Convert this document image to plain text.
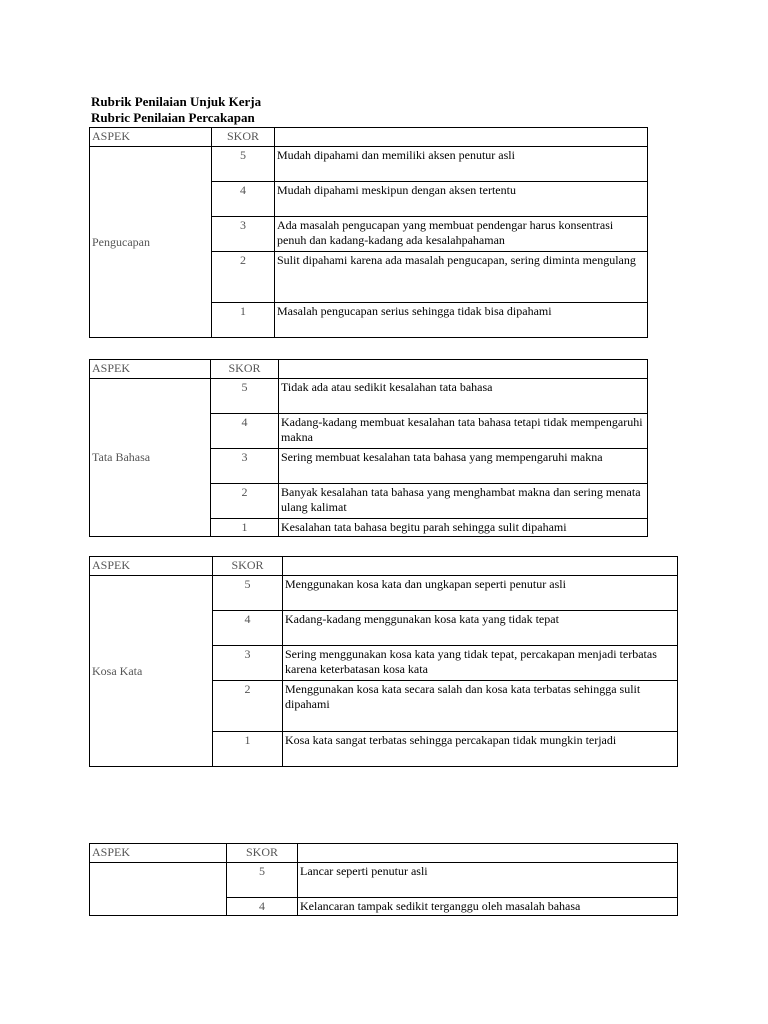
Rubrik Penilaian Unjuk Kerja
Rubric Penilaian Percakapan
ASPEK	SKOR	
Pengucapan	5	Mudah dipahami dan memiliki aksen penutur asli
	4	Mudah dipahami meskipun dengan aksen tertentu
	3	Ada masalah pengucapan yang membuat pendengar harus konsentrasi penuh dan kadang-kadang ada kesalahpahaman
	2	Sulit dipahami karena ada masalah pengucapan, sering diminta mengulang
	1	Masalah pengucapan serius sehingga tidak bisa dipahami
ASPEK	SKOR	
Tata Bahasa	5	Tidak ada atau sedikit kesalahan tata bahasa
	4	Kadang-kadang membuat kesalahan tata bahasa tetapi tidak mempengaruhi makna
	3	Sering membuat kesalahan tata bahasa yang mempengaruhi makna
	2	Banyak kesalahan tata bahasa yang menghambat makna dan sering menata ulang kalimat
	1	Kesalahan tata bahasa begitu parah sehingga sulit dipahami
ASPEK	SKOR	
Kosa Kata	5	Menggunakan kosa kata dan ungkapan seperti penutur asli
	4	Kadang-kadang menggunakan kosa kata yang tidak tepat
	3	Sering menggunakan kosa kata yang tidak tepat, percakapan menjadi terbatas karena keterbatasan kosa kata
	2	Menggunakan kosa kata secara salah dan kosa kata terbatas sehingga sulit dipahami
	1	Kosa kata sangat terbatas sehingga percakapan tidak mungkin terjadi
ASPEK	SKOR	
	5	Lancar seperti penutur asli
	4	Kelancaran tampak sedikit terganggu oleh masalah bahasa
